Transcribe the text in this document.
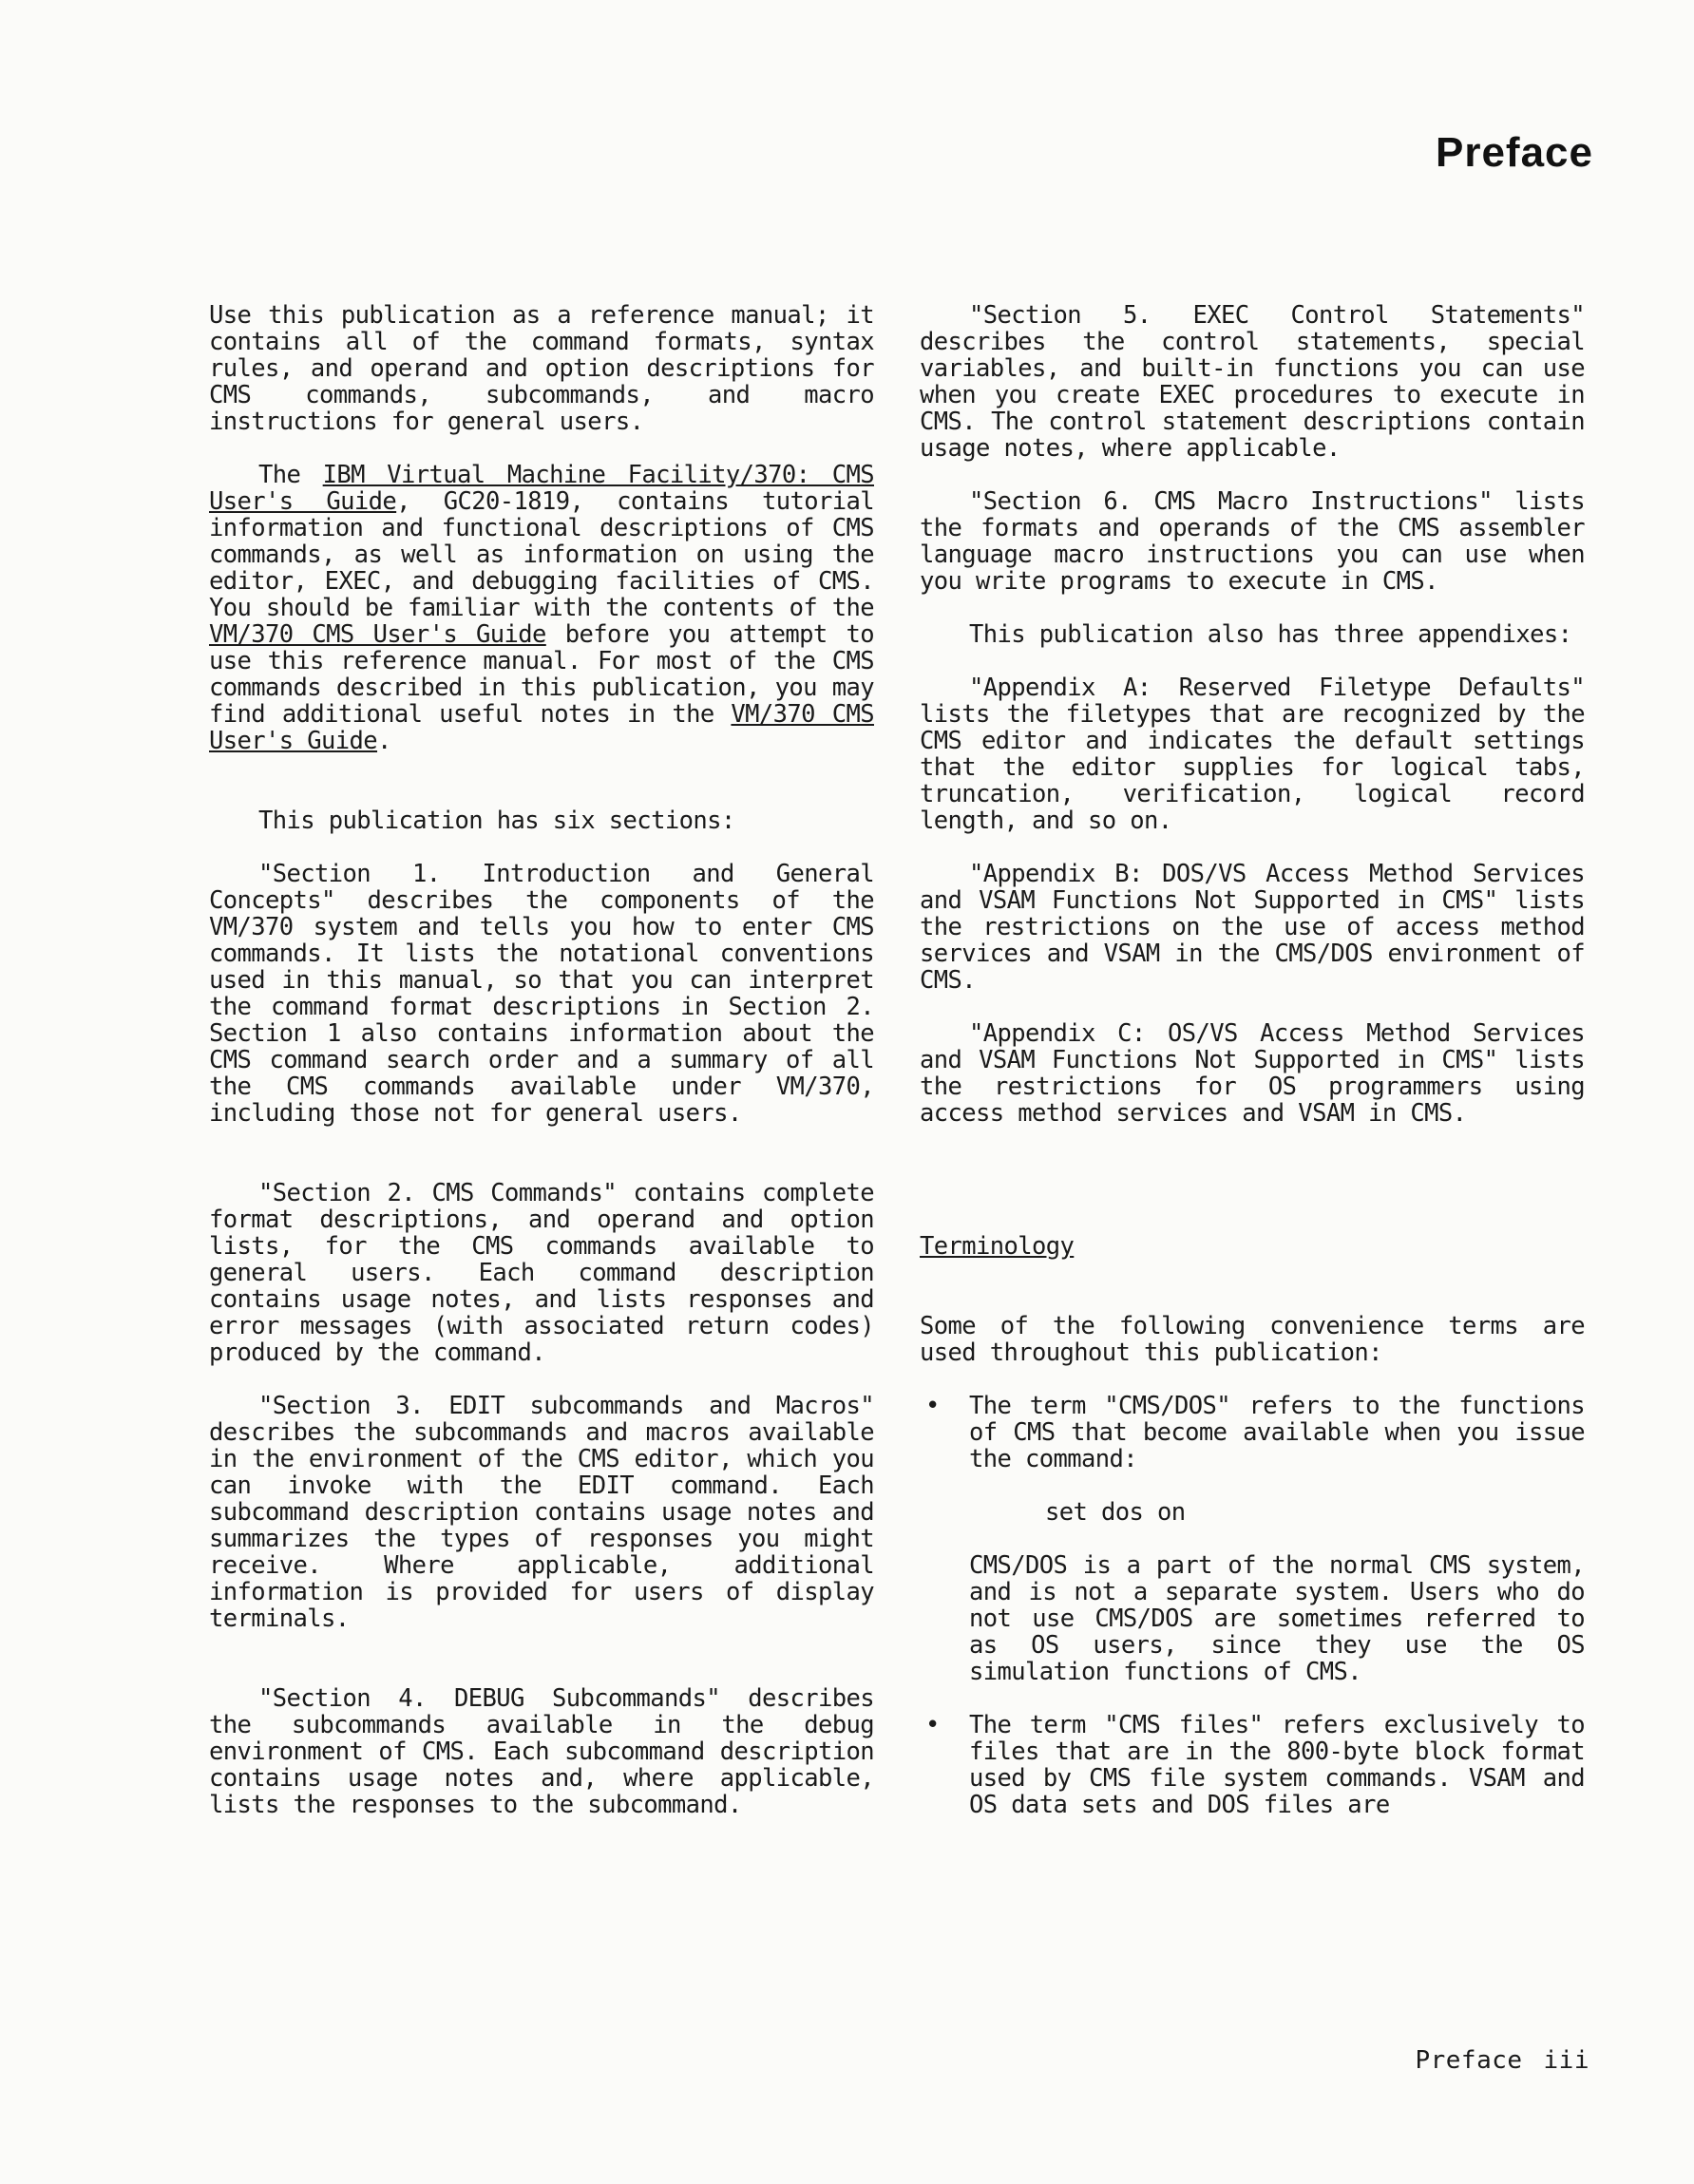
Preface

Use this publication as a reference manual; it contains all of the command formats, syntax rules, and operand and option descriptions for CMS commands, subcommands, and macro instructions for general users.

The IBM Virtual Machine Facility/370: CMS User's Guide, GC20-1819, contains tutorial information and functional descriptions of CMS commands, as well as information on using the editor, EXEC, and debugging facilities of CMS. You should be familiar with the contents of the VM/370 CMS User's Guide before you attempt to use this reference manual. For most of the CMS commands described in this publication, you may find additional useful notes in the VM/370 CMS User's Guide.

This publication has six sections:

"Section 1. Introduction and General Concepts" describes the components of the VM/370 system and tells you how to enter CMS commands. It lists the notational conventions used in this manual, so that you can interpret the command format descriptions in Section 2. Section 1 also contains information about the CMS command search order and a summary of all the CMS commands available under VM/370, including those not for general users.

"Section 2. CMS Commands" contains complete format descriptions, and operand and option lists, for the CMS commands available to general users. Each command description contains usage notes, and lists responses and error messages (with associated return codes) produced by the command.

"Section 3. EDIT subcommands and Macros" describes the subcommands and macros available in the environment of the CMS editor, which you can invoke with the EDIT command. Each subcommand description contains usage notes and summarizes the types of responses you might receive. Where applicable, additional information is provided for users of display terminals.

"Section 4. DEBUG Subcommands" describes the subcommands available in the debug environment of CMS. Each subcommand description contains usage notes and, where applicable, lists the responses to the subcommand.

"Section 5. EXEC Control Statements" describes the control statements, special variables, and built-in functions you can use when you create EXEC procedures to execute in CMS. The control statement descriptions contain usage notes, where applicable.

"Section 6. CMS Macro Instructions" lists the formats and operands of the CMS assembler language macro instructions you can use when you write programs to execute in CMS.

This publication also has three appendixes:

"Appendix A: Reserved Filetype Defaults" lists the filetypes that are recognized by the CMS editor and indicates the default settings that the editor supplies for logical tabs, truncation, verification, logical record length, and so on.

"Appendix B: DOS/VS Access Method Services and VSAM Functions Not Supported in CMS" lists the restrictions on the use of access method services and VSAM in the CMS/DOS environment of CMS.

"Appendix C: OS/VS Access Method Services and VSAM Functions Not Supported in CMS" lists the restrictions for OS programmers using access method services and VSAM in CMS.

Terminology

Some of the following convenience terms are used throughout this publication:

• The term "CMS/DOS" refers to the functions of CMS that become available when you issue the command:

set dos on

CMS/DOS is a part of the normal CMS system, and is not a separate system. Users who do not use CMS/DOS are sometimes referred to as OS users, since they use the OS simulation functions of CMS.

• The term "CMS files" refers exclusively to files that are in the 800-byte block format used by CMS file system commands. VSAM and OS data sets and DOS files are

Preface iii
